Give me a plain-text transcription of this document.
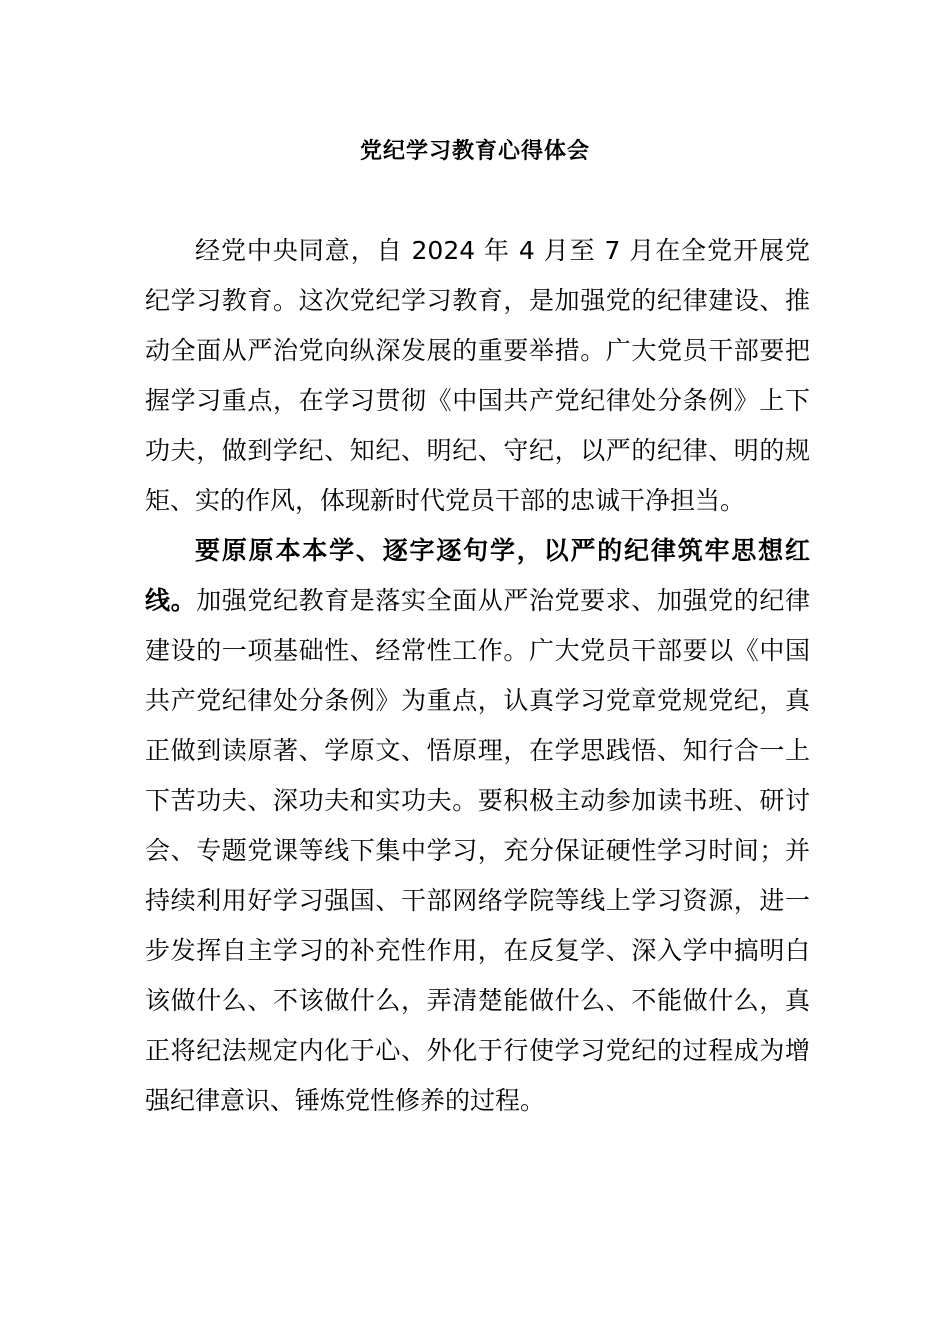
党纪学习教育心得体会

经党中央同意，自 2024 年 4 月至 7 月在全党开展党纪学习教育。这次党纪学习教育，是加强党的纪律建设、推动全面从严治党向纵深发展的重要举措。广大党员干部要把握学习重点，在学习贯彻《中国共产党纪律处分条例》上下功夫，做到学纪、知纪、明纪、守纪，以严的纪律、明的规矩、实的作风，体现新时代党员干部的忠诚干净担当。

要原原本本学、逐字逐句学，以严的纪律筑牢思想红线。加强党纪教育是落实全面从严治党要求、加强党的纪律建设的一项基础性、经常性工作。广大党员干部要以《中国共产党纪律处分条例》为重点，认真学习党章党规党纪，真正做到读原著、学原文、悟原理，在学思践悟、知行合一上下苦功夫、深功夫和实功夫。要积极主动参加读书班、研讨会、专题党课等线下集中学习，充分保证硬性学习时间；并持续利用好学习强国、干部网络学院等线上学习资源，进一步发挥自主学习的补充性作用，在反复学、深入学中搞明白该做什么、不该做什么，弄清楚能做什么、不能做什么，真正将纪法规定内化于心、外化于行使学习党纪的过程成为增强纪律意识、锤炼党性修养的过程。
